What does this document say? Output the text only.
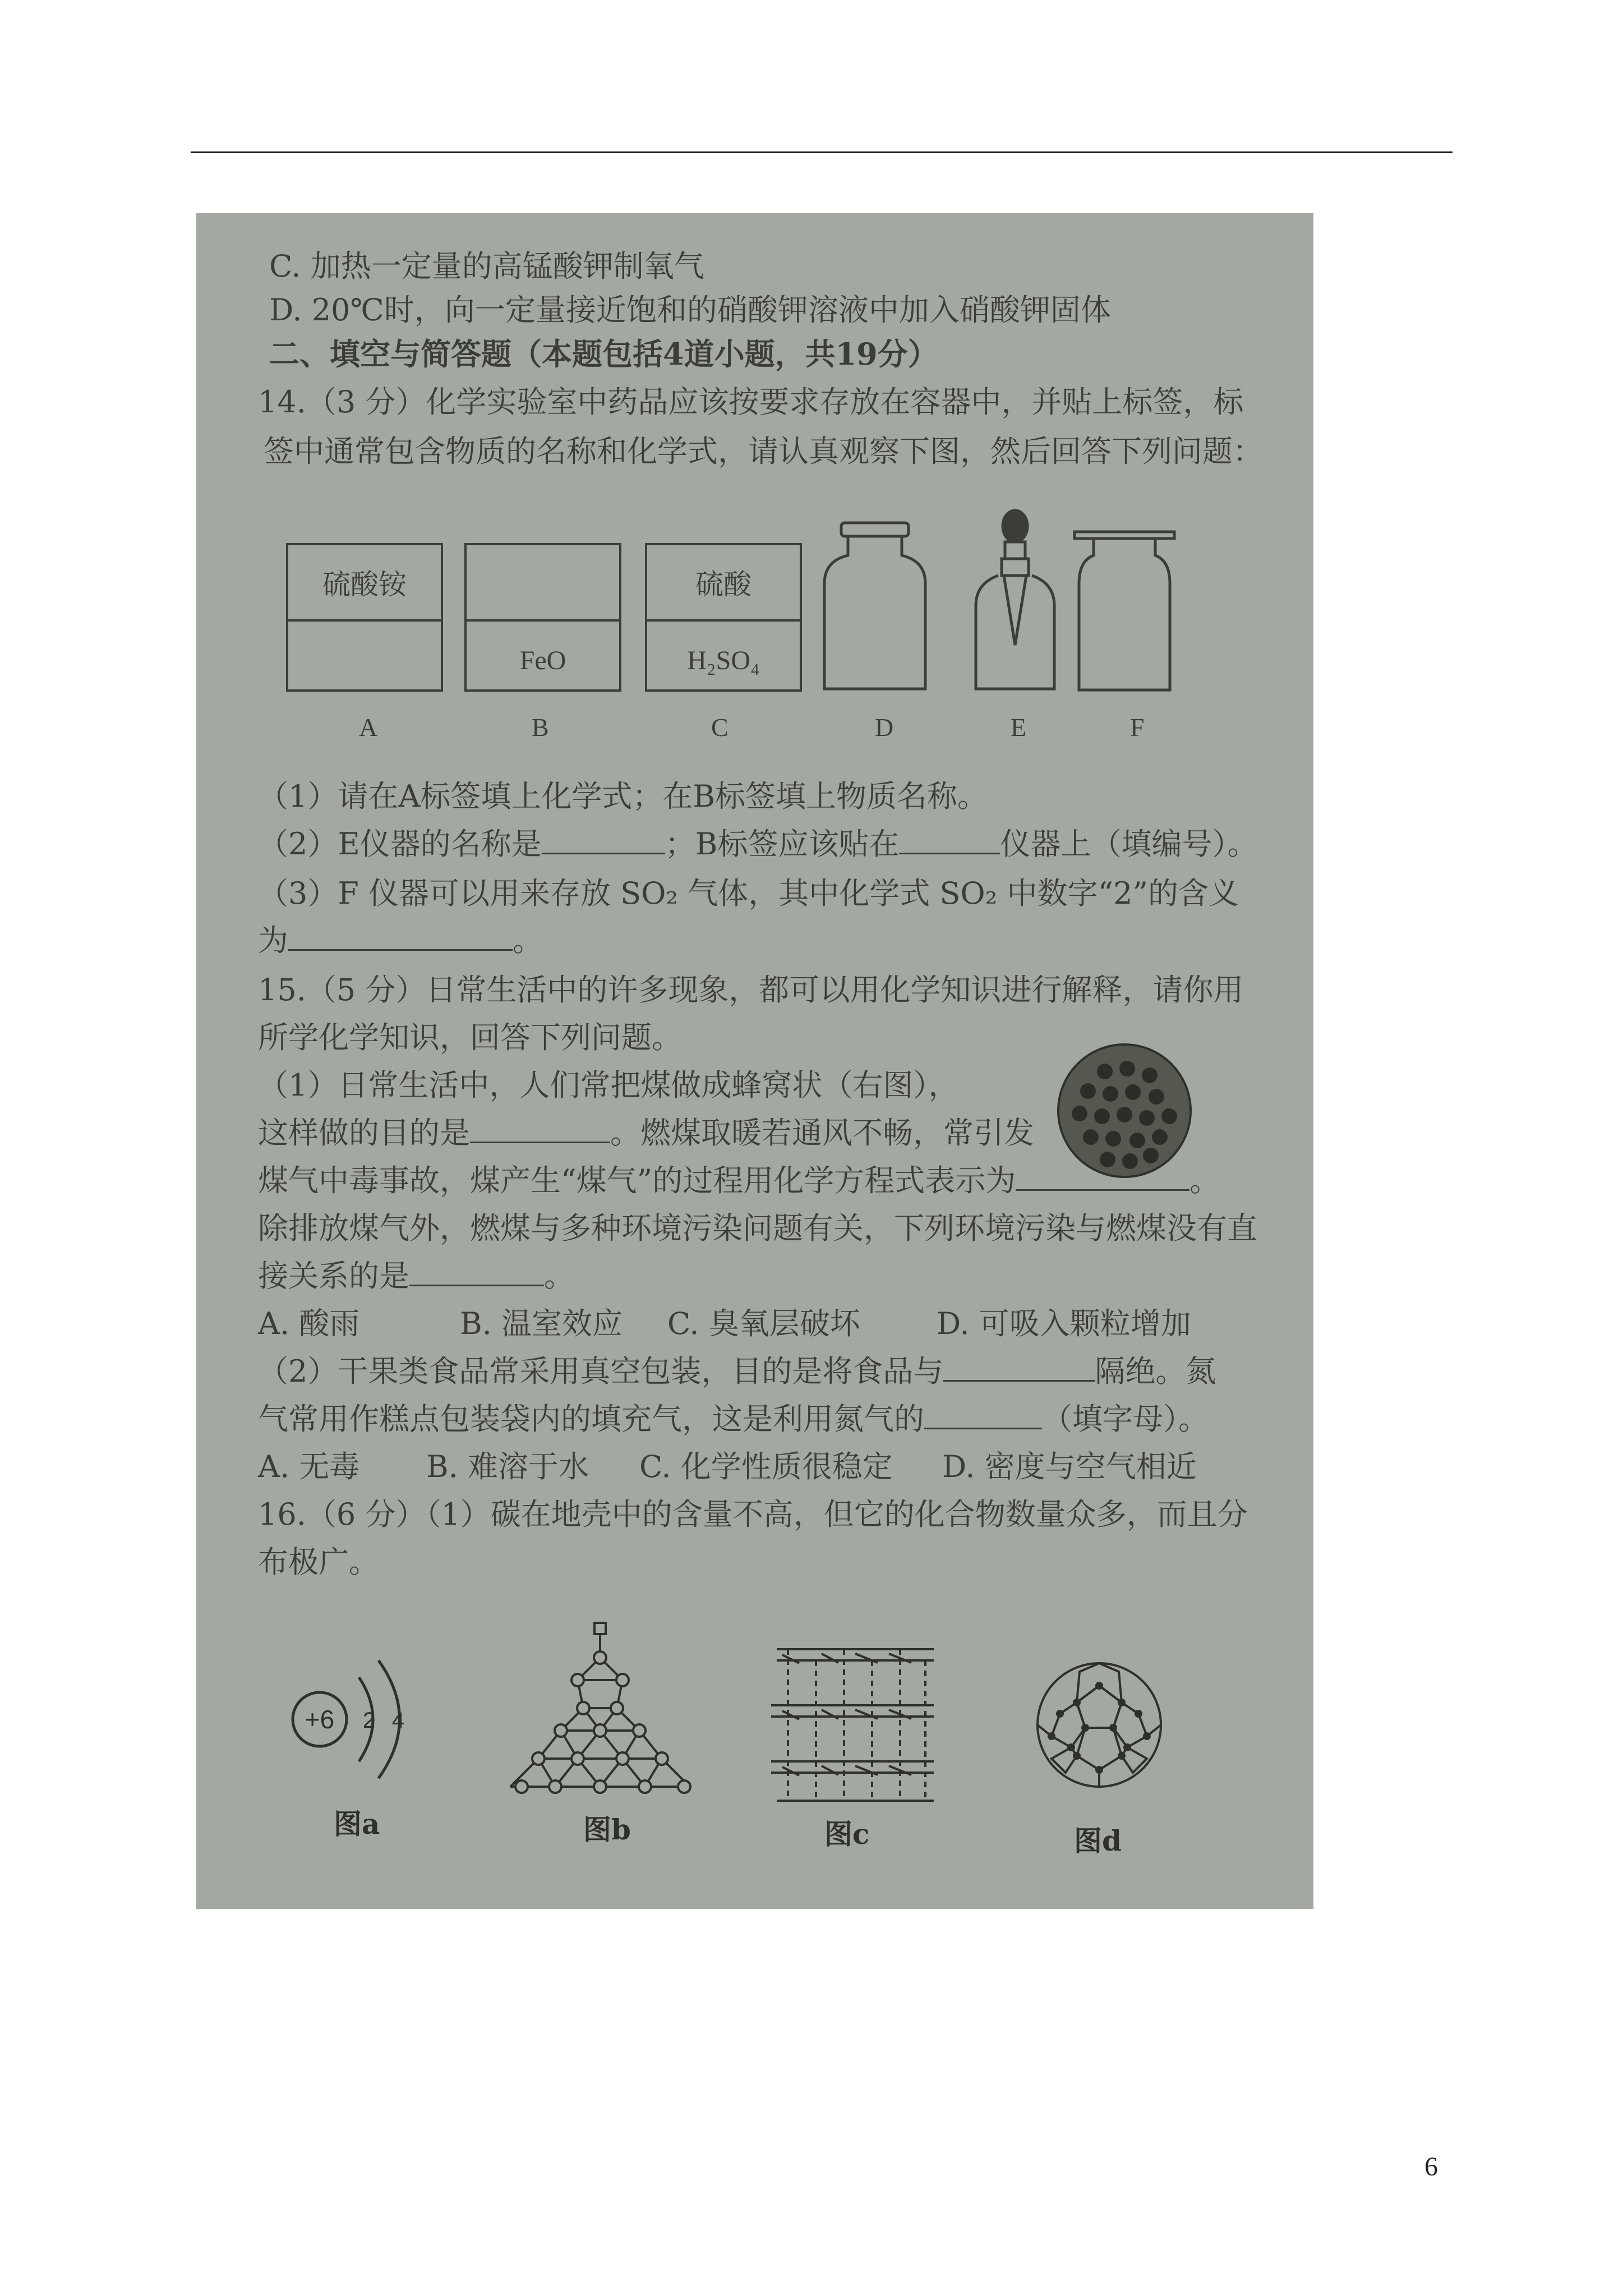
C. 加热一定量的高锰酸钾制氧气
D. 20℃时，向一定量接近饱和的硝酸钾溶液中加入硝酸钾固体
二、填空与简答题（本题包括4道小题，共19分）
14.（3 分）化学实验室中药品应该按要求存放在容器中，并贴上标签，标
签中通常包含物质的名称和化学式，请认真观察下图，然后回答下列问题：
硫酸铵
FeO
硫酸
H₂SO₄
A	B	C	D	E	F
（1）请在A标签填上化学式；在B标签填上物质名称。
（2）E仪器的名称是	；B标签应该贴在	仪器上（填编号）。
（3）F 仪器可以用来存放 SO₂ 气体，其中化学式 SO₂ 中数字“2”的含义
为	。
15.（5 分）日常生活中的许多现象，都可以用化学知识进行解释，请你用
所学化学知识，回答下列问题。
（1）日常生活中，人们常把煤做成蜂窝状（右图），
这样做的目的是	。燃煤取暖若通风不畅，常引发
煤气中毒事故，煤产生“煤气”的过程用化学方程式表示为	。
除排放煤气外，燃煤与多种环境污染问题有关，下列环境污染与燃煤没有直
接关系的是	。
A. 酸雨	B. 温室效应 C. 臭氧层破坏	D. 可吸入颗粒增加
（2）干果类食品常采用真空包装，目的是将食品与	隔绝。氮
气常用作糕点包装袋内的填充气，这是利用氮气的	（填字母）。
A. 无毒 B. 难溶于水 C. 化学性质很稳定 D. 密度与空气相近
16.（6 分）（1）碳在地壳中的含量不高，但它的化合物数量众多，而且分
布极广。
+6 2 4
图a	图b	图c	图d
6
